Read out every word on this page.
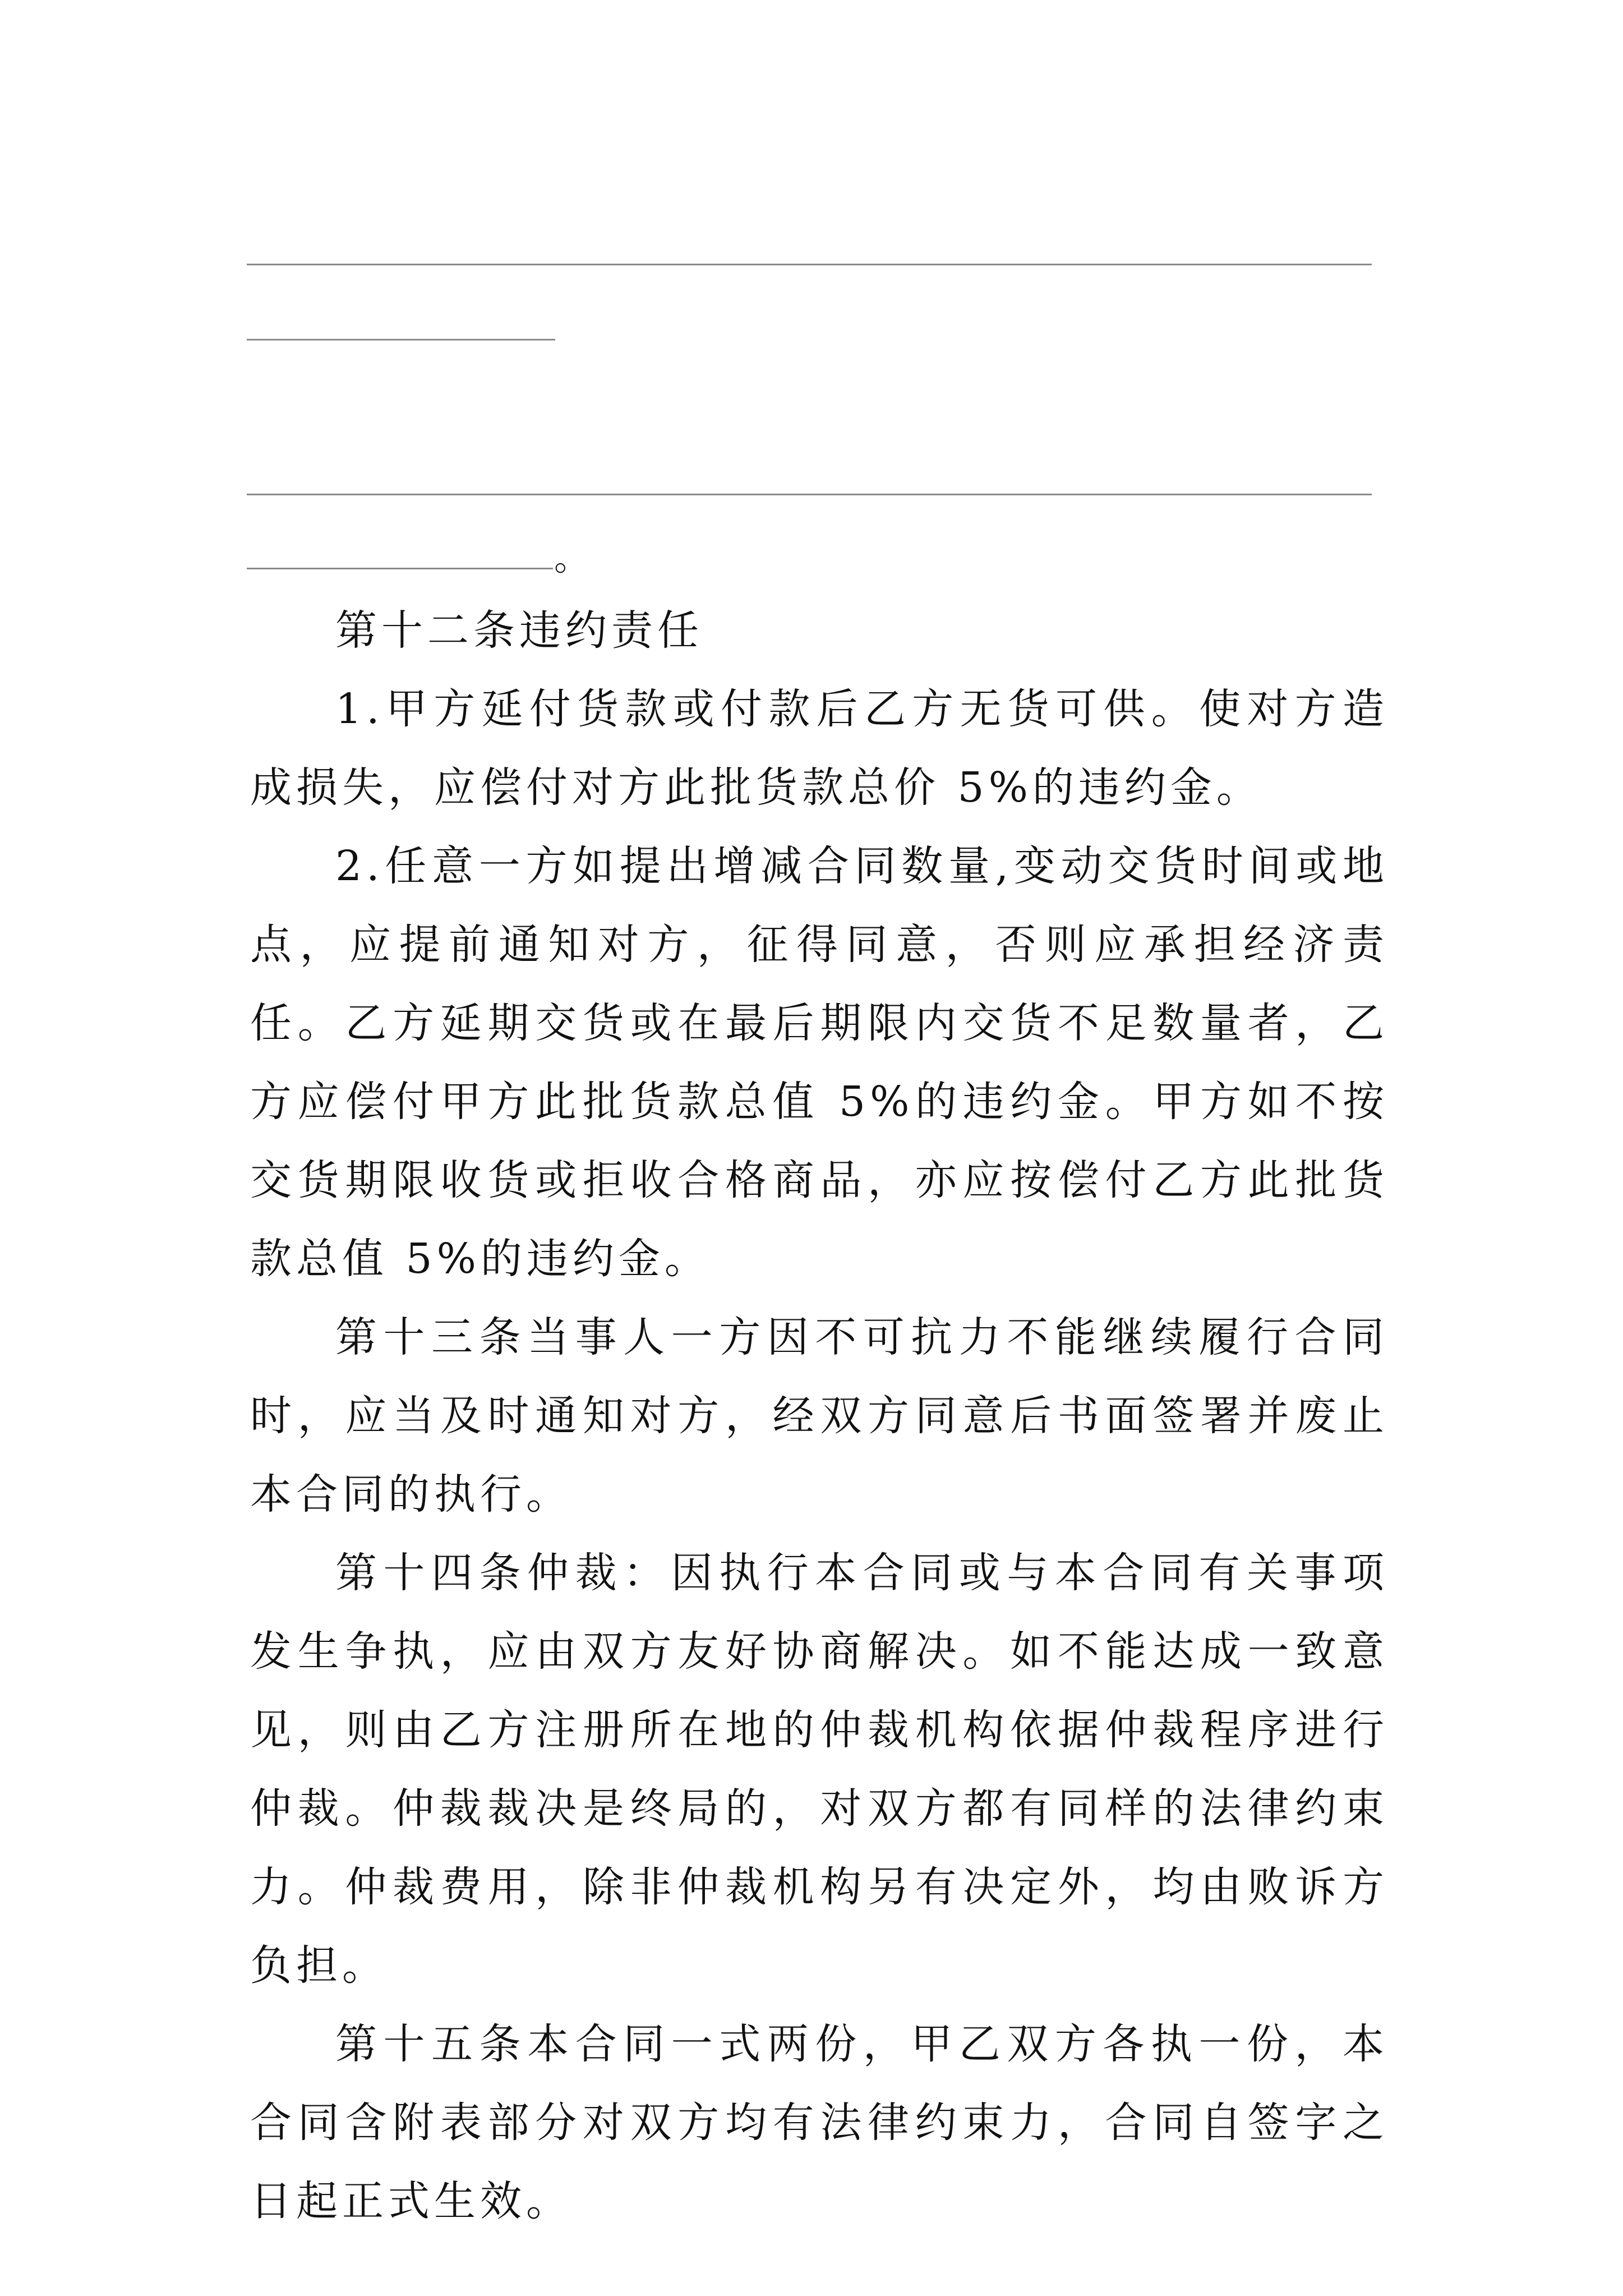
。

第十二条违约责任

1.甲方延付货款或付款后乙方无货可供。使对方造成损失，应偿付对方此批货款总价 5%的违约金。

2.任意一方如提出增减合同数量,变动交货时间或地点，应提前通知对方，征得同意，否则应承担经济责任。乙方延期交货或在最后期限内交货不足数量者，乙方应偿付甲方此批货款总值 5%的违约金。甲方如不按交货期限收货或拒收合格商品，亦应按偿付乙方此批货款总值 5%的违约金。

第十三条当事人一方因不可抗力不能继续履行合同时，应当及时通知对方，经双方同意后书面签署并废止本合同的执行。

第十四条仲裁：因执行本合同或与本合同有关事项发生争执，应由双方友好协商解决。如不能达成一致意见，则由乙方注册所在地的仲裁机构依据仲裁程序进行仲裁。仲裁裁决是终局的，对双方都有同样的法律约束力。仲裁费用，除非仲裁机构另有决定外，均由败诉方负担。

第十五条本合同一式两份，甲乙双方各执一份，本合同含附表部分对双方均有法律约束力，合同自签字之日起正式生效。
